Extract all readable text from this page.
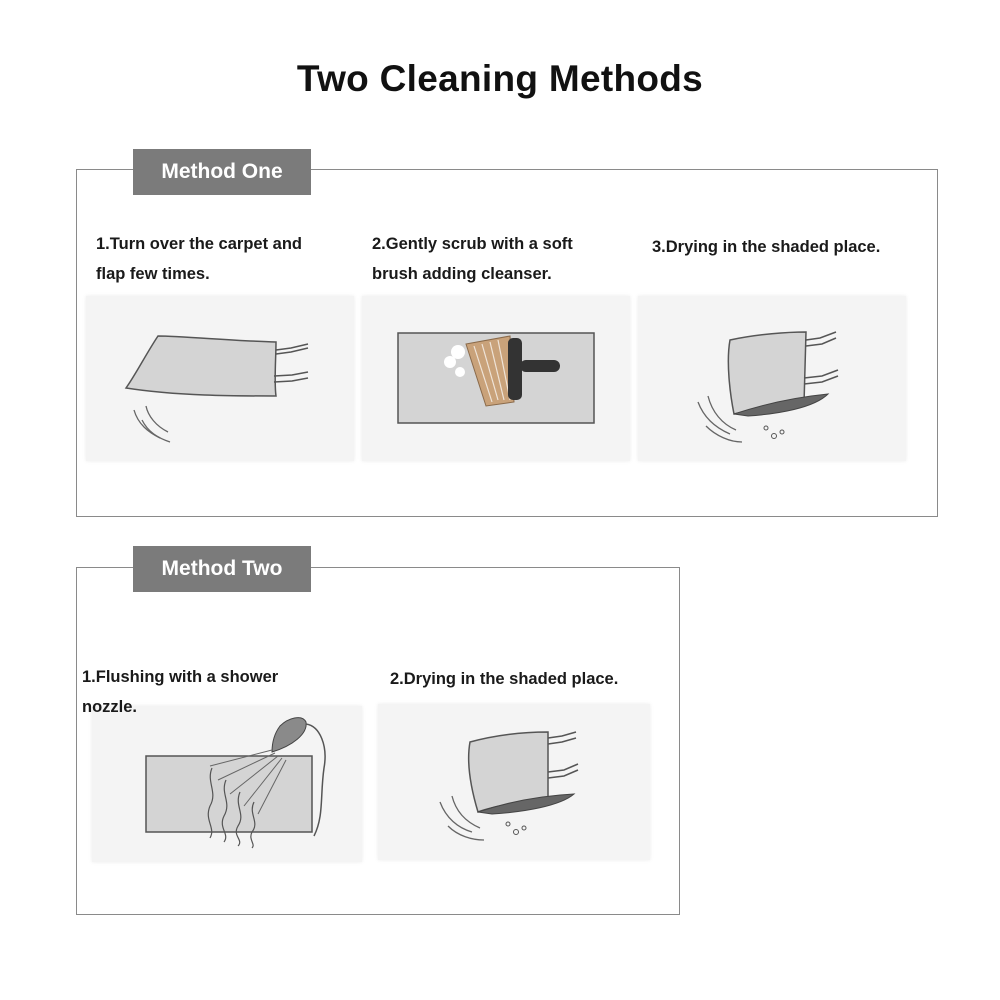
Two Cleaning Methods
Method One
1.Turn over the carpet and
flap few times.
2.Gently scrub with a soft
brush adding cleanser.
3.Drying in the shaded place.
Method Two
1.Flushing with a shower
nozzle.
2.Drying in the shaded place.
